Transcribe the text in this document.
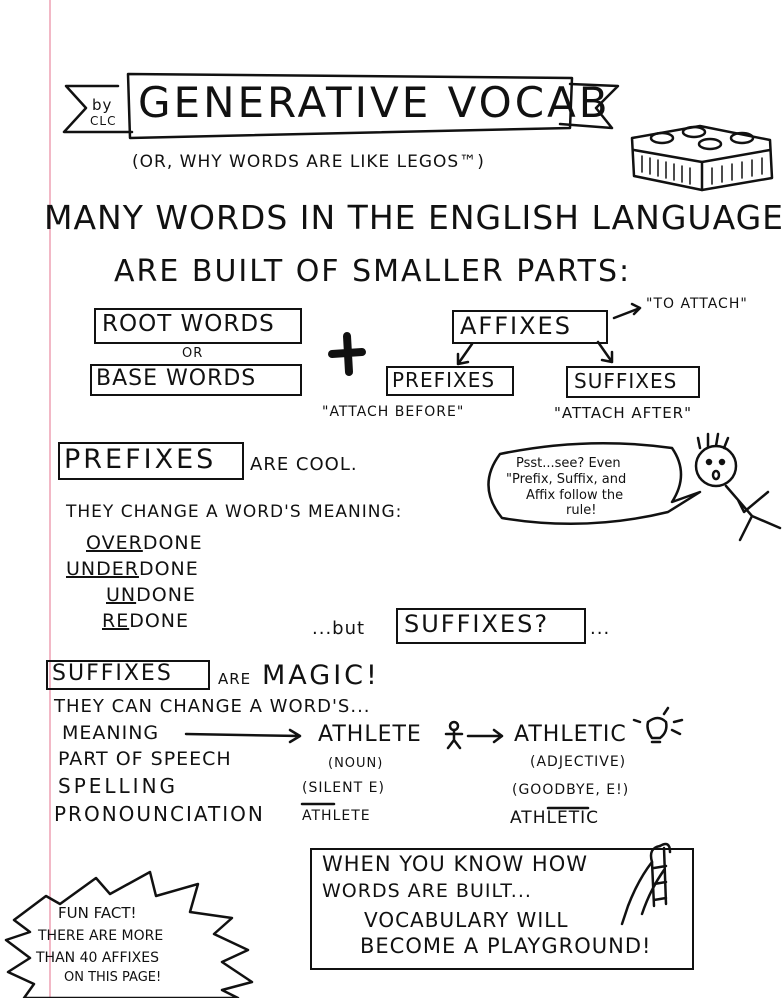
by
CLC GENERATIVE VOCAB
(OR, WHY WORDS ARE LIKE LEGOS™)
MANY WORDS IN THE ENGLISH LANGUAGE
ARE BUILT OF SMALLER PARTS:
ROOT WORDS
OR
BASE WORDS
AFFIXES
"TO ATTACH"
PREFIXES
"ATTACH BEFORE"
SUFFIXES
"ATTACH AFTER"
PREFIXES ARE COOL.	Psst...see? Even
"Prefix, Suffix, and
Affix follow the
rule!
THEY CHANGE A WORD'S MEANING:
OVERDONE
UNDERDONE
UNDONE
REDONE	...but SUFFIXES? ...
SUFFIXES	ARE MAGIC!
THEY CAN CHANGE A WORD'S...
MEANING	ATHLETE	ATHLETIC
PART OF SPEECH	(NOUN)	(ADJECTIVE)
SPELLING	(SILENT E)	(GOODBYE, E!)
PRONOUNCIATION	ATHLETE	ATHLETIC
FUN FACT!
THERE ARE MORE
THAN 40 AFFIXES
ON THIS PAGE!
WHEN YOU KNOW HOW
WORDS ARE BUILT...
VOCABULARY WILL
BECOME A PLAYGROUND!
